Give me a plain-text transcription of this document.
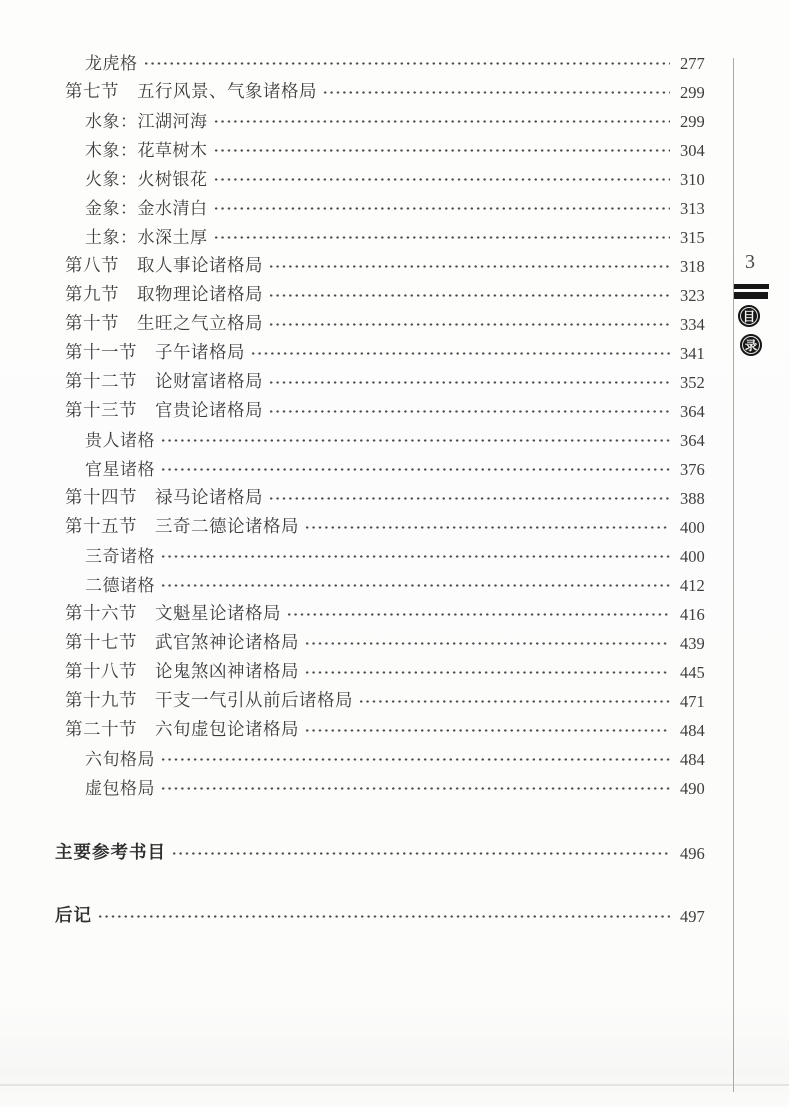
龙虎格	277
第七节　五行风景、气象诸格局	299
水象：江湖河海	299
木象：花草树木	304
火象：火树银花	310
金象：金水清白	313
土象：水深土厚	315
第八节　取人事论诸格局	318
第九节　取物理论诸格局	323
第十节　生旺之气立格局	334
第十一节　子午诸格局	341
第十二节　论财富诸格局	352
第十三节　官贵论诸格局	364
贵人诸格	364
官星诸格	376
第十四节　禄马论诸格局	388
第十五节　三奇二德论诸格局	400
三奇诸格	400
二德诸格	412
第十六节　文魁星论诸格局	416
第十七节　武官煞神论诸格局	439
第十八节　论鬼煞凶神诸格局	445
第十九节　干支一气引从前后诸格局	471
第二十节　六旬虚包论诸格局	484
六旬格局	484
虚包格局	490
主要参考书目	496
后记	497
3
目
录
